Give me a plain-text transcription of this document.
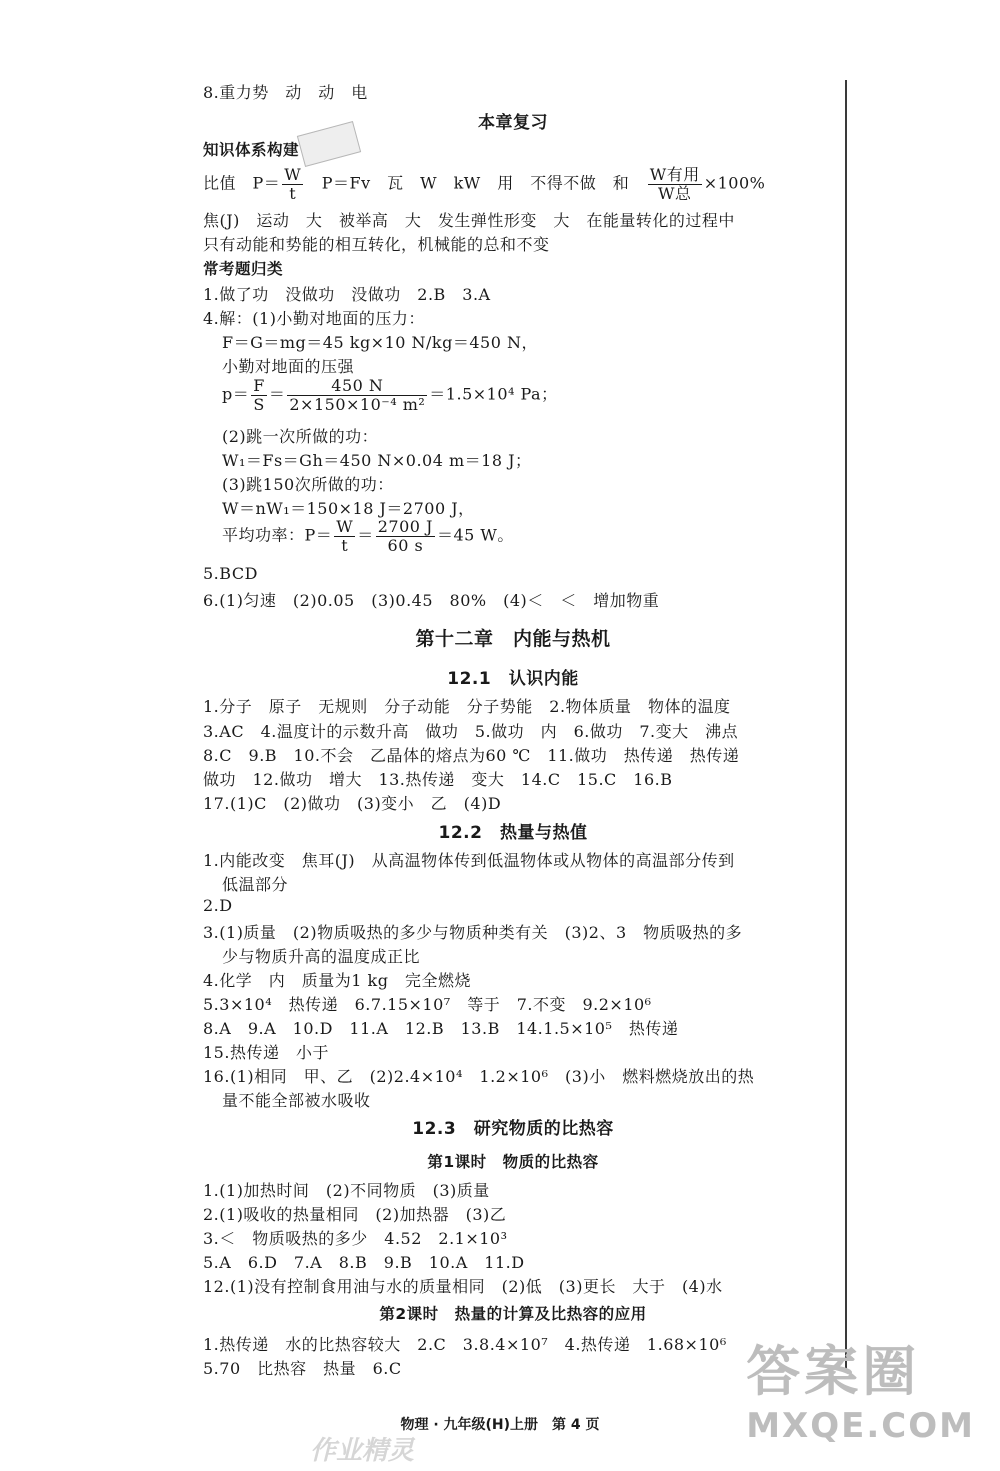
8.重力势　动　动　电
本章复习
知识体系构建
比值　$P= \frac{W}{t}$ 　P＝Fv　瓦　W　kW　用　不得不做　和　 $\frac{\text{W有用}}{\text{W总}} \times 100\%$
焦(J)　运动　大　被举高　大　发生弹性形变　大　在能量转化的过程中
只有动能和势能的相互转化，机械能的总和不变
常考题归类
1.做了功　没做功　没做功　2.B　3.A
4.解：(1)小勤对地面的压力：
F＝G＝mg＝45 kg×10 N/kg＝450 N，
小勤对地面的压强
$p= \frac{F}{S} = \frac{450 N}{\text{2×150×10⁻⁴ m²}} =1.5\times 10^4$ Pa；
(2)跳一次所做的功：
W₁＝Fs＝Gh＝450 N×0.04 m＝18 J；
(3)跳150次所做的功：
W＝nW₁＝150×18 J＝2700 J，
平均功率：$P= \frac{W}{t} = \frac{2700 J}{60 s} =45$ W。
5.BCD
6.(1)匀速　(2)0.05　(3)0.45　80%　(4)＜　＜　增加物重
第十二章　内能与热机
12.1　认识内能
1.分子　原子　无规则　分子动能　分子势能　2.物体质量　物体的温度
3.AC　4.温度计的示数升高　做功　5.做功　内　6.做功　7.变大　沸点
8.C　9.B　10.不会　乙晶体的熔点为60 ℃　11.做功　热传递　热传递
做功　12.做功　增大　13.热传递　变大　14.C　15.C　16.B
17.(1)C　(2)做功　(3)变小　乙　(4)D
12.2　热量与热值
1.内能改变　焦耳(J)　从高温物体传到低温物体或从物体的高温部分传到
低温部分
2.D
3.(1)质量　(2)物质吸热的多少与物质种类有关　(3)2、3　物质吸热的多
少与物质升高的温度成正比
4.化学　内　质量为1 kg　完全燃烧
5.3×10⁴　热传递　6.7.15×10⁷　等于　7.不变　9.2×10⁶
8.A　9.A　10.D　11.A　12.B　13.B　14.1.5×10⁵　热传递
15.热传递　小于
16.(1)相同　甲、乙　(2)2.4×10⁴　1.2×10⁶　(3)小　燃料燃烧放出的热
量不能全部被水吸收
12.3　研究物质的比热容
第1课时　物质的比热容
1.(1)加热时间　(2)不同物质　(3)质量
2.(1)吸收的热量相同　(2)加热器　(3)乙
3.＜　物质吸热的多少　4.52　2.1×10³
5.A　6.D　7.A　8.B　9.B　10.A　11.D
12.(1)没有控制食用油与水的质量相同　(2)低　(3)更长　大于　(4)水
第2课时　热量的计算及比热容的应用
1.热传递　水的比热容较大　2.C　3.8.4×10⁷　4.热传递　1.68×10⁶
5.70　比热容　热量　6.C
物理 · 九年级(H)上册　第 4 页
作业精灵
答案圈
MXQE.COM
